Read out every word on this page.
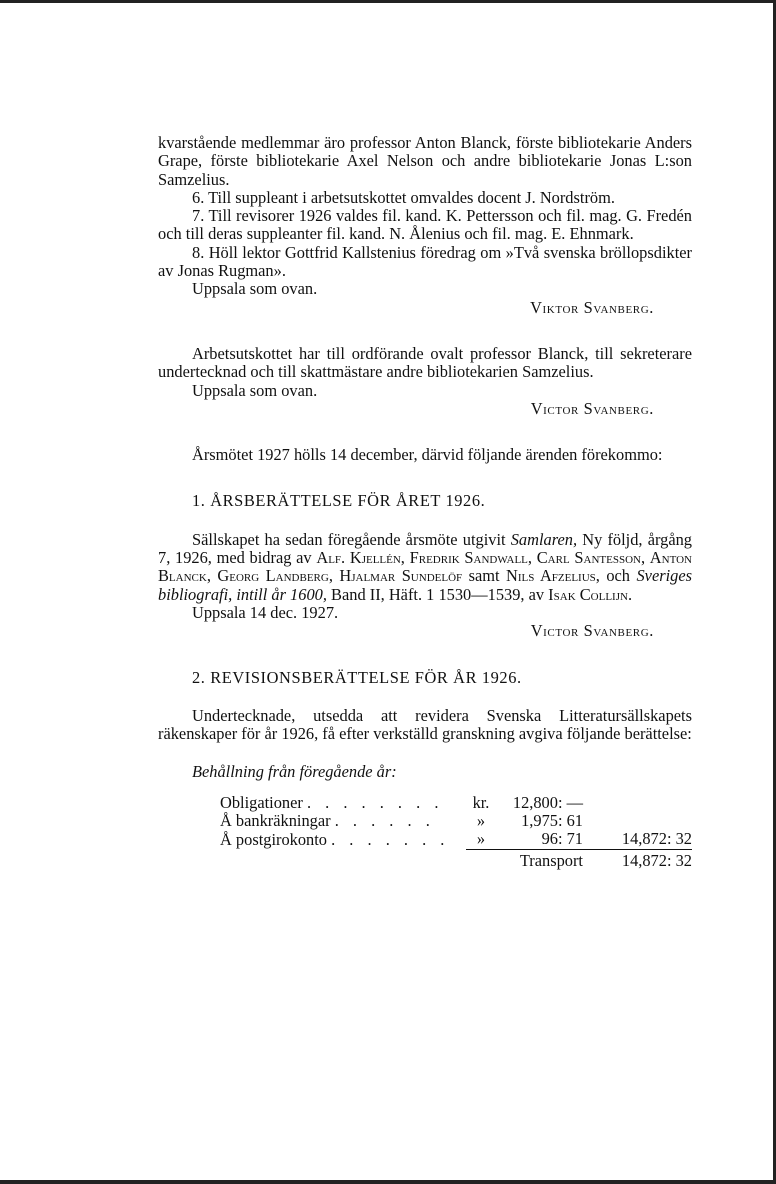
kvarstående medlemmar äro professor Anton Blanck, förste bibliotekarie Anders Grape, förste bibliotekarie Axel Nelson och andre bibliotekarie Jonas L:son Samzelius.

6. Till suppleant i arbetsutskottet omvaldes docent J. Nordström.

7. Till revisorer 1926 valdes fil. kand. K. Pettersson och fil. mag. G. Fredén och till deras suppleanter fil. kand. N. Ålenius och fil. mag. E. Ehnmark.

8. Höll lektor Gottfrid Kallstenius föredrag om »Två svenska bröllopsdikter av Jonas Rugman».

Uppsala som ovan.

Viktor Svanberg.

Arbetsutskottet har till ordförande ovalt professor Blanck, till sekreterare undertecknad och till skattmästare andre bibliotekarien Samzelius.

Uppsala som ovan.

Victor Svanberg.

Årsmötet 1927 hölls 14 december, därvid följande ärenden förekommo:

1. ÅRSBERÄTTELSE FÖR ÅRET 1926.

Sällskapet ha sedan föregående årsmöte utgivit Samlaren, Ny följd, årgång 7, 1926, med bidrag av Alf. Kjellén, Fredrik Sandwall, Carl Santesson, Anton Blanck, Georg Landberg, Hjalmar Sundelöf samt Nils Afzelius, och Sveriges bibliografi, intill år 1600, Band II, Häft. 1 1530—1539, av Isak Collijn.

Uppsala 14 dec. 1927.

Victor Svanberg.

2. REVISIONSBERÄTTELSE FÖR ÅR 1926.

Undertecknade, utsedda att revidera Svenska Litteratursällskapets räkenskaper för år 1926, få efter verkställd granskning avgiva följande berättelse:

Behållning från föregående år:

Obligationer . . . . . . . .	kr.	12,800: —	
Å bankräkningar . . . . . .	»	1,975: 61	
Å postgirokonto . . . . . . .	»	96: 71	14,872: 32
	Transport		14,872: 32
